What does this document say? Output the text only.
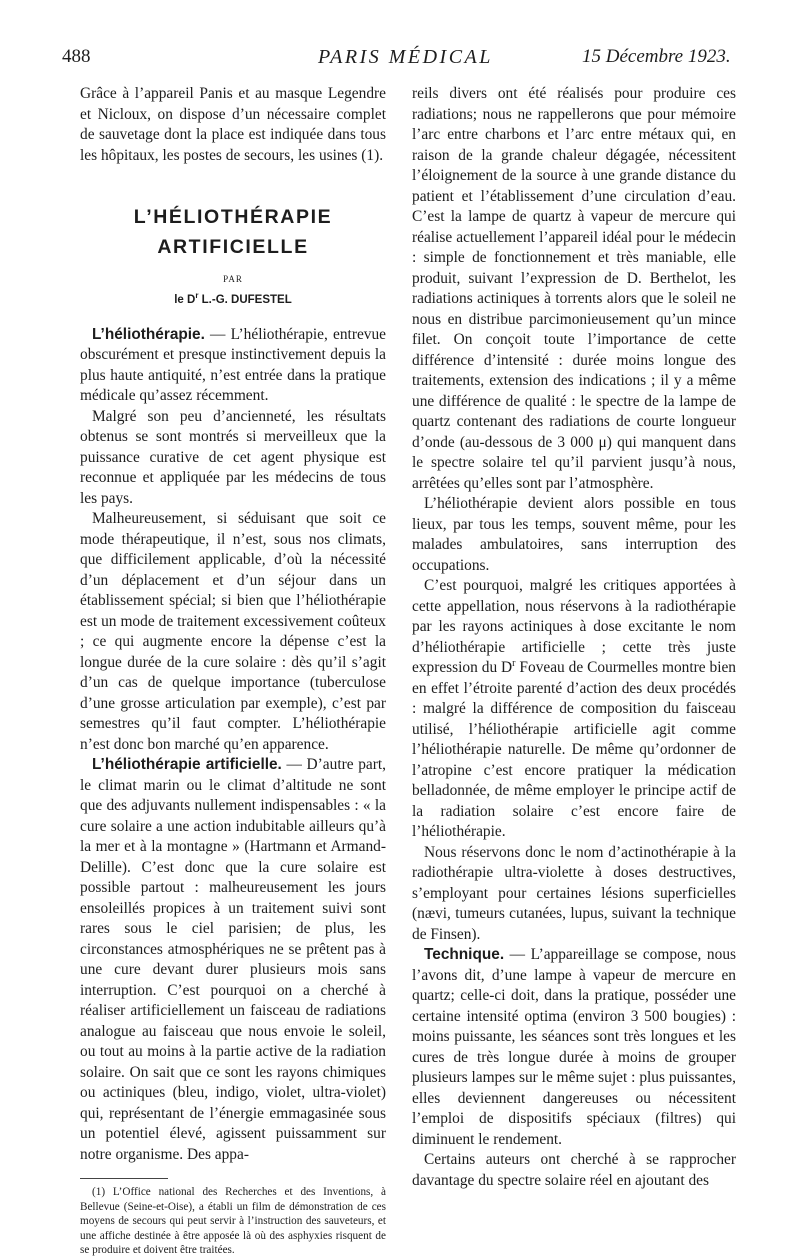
488	PARIS MÉDICAL	15 Décembre 1923.

Grâce à l’appareil Panis et au masque Legendre et Nicloux, on dispose d’un nécessaire complet de sauvetage dont la place est indiquée dans tous les hôpitaux, les postes de secours, les usines (1).

L’HÉLIOTHÉRAPIE
ARTIFICIELLE
PAR
le $D^r$ L.-G. DUFESTEL

L’héliothérapie. — L’héliothérapie, entrevue obscurément et presque instinctivement depuis la plus haute antiquité, n’est entrée dans la pratique médicale qu’assez récemment.

Malgré son peu d’ancienneté, les résultats obtenus se sont montrés si merveilleux que la puissance curative de cet agent physique est reconnue et appliquée par les médecins de tous les pays.

Malheureusement, si séduisant que soit ce mode thérapeutique, il n’est, sous nos climats, que difficilement applicable, d’où la nécessité d’un déplacement et d’un séjour dans un établissement spécial; si bien que l’héliothérapie est un mode de traitement excessivement coûteux ; ce qui augmente encore la dépense c’est la longue durée de la cure solaire : dès qu’il s’agit d’un cas de quelque importance (tuberculose d’une grosse articulation par exemple), c’est par semestres qu’il faut compter. L’héliothérapie n’est donc bon marché qu’en apparence.

L’héliothérapie artificielle. — D’autre part, le climat marin ou le climat d’altitude ne sont que des adjuvants nullement indispensables : « la cure solaire a une action indubitable ailleurs qu’à la mer et à la montagne » (Hartmann et Armand-Delille). C’est donc que la cure solaire est possible partout : malheureusement les jours ensoleillés propices à un traitement suivi sont rares sous le ciel parisien; de plus, les circonstances atmosphériques ne se prêtent pas à une cure devant durer plusieurs mois sans interruption. C’est pourquoi on a cherché à réaliser artificiellement un faisceau de radiations analogue au faisceau que nous envoie le soleil, ou tout au moins à la partie active de la radiation solaire. On sait que ce sont les rayons chimiques ou actiniques (bleu, indigo, violet, ultra-violet) qui, représentant de l’énergie emmagasinée sous un potentiel élevé, agissent puissamment sur notre organisme. Des appa-

(1) L’Office national des Recherches et des Inventions, à Bellevue (Seine-et-Oise), a établi un film de démonstration de ces moyens de secours qui peut servir à l’instruction des sauveteurs, et une affiche destinée à être apposée là où des asphyxies risquent de se produire et doivent être traitées.

reils divers ont été réalisés pour produire ces radiations; nous ne rappellerons que pour mémoire l’arc entre charbons et l’arc entre métaux qui, en raison de la grande chaleur dégagée, nécessitent l’éloignement de la source à une grande distance du patient et l’établissement d’une circulation d’eau. C’est la lampe de quartz à vapeur de mercure qui réalise actuellement l’appareil idéal pour le médecin : simple de fonctionnement et très maniable, elle produit, suivant l’expression de D. Berthelot, les radiations actiniques à torrents alors que le soleil ne nous en distribue parcimonieusement qu’un mince filet. On conçoit toute l’importance de cette différence d’intensité : durée moins longue des traitements, extension des indications ; il y a même une différence de qualité : le spectre de la lampe de quartz contenant des radiations de courte longueur d’onde (au-dessous de 3 000 μ) qui manquent dans le spectre solaire tel qu’il parvient jusqu’à nous, arrêtées qu’elles sont par l’atmosphère.

L’héliothérapie devient alors possible en tous lieux, par tous les temps, souvent même, pour les malades ambulatoires, sans interruption des occupations.

C’est pourquoi, malgré les critiques apportées à cette appellation, nous réservons à la radiothérapie par les rayons actiniques à dose excitante le nom d’héliothérapie artificielle ; cette très juste expression du $D^r$ Foveau de Courmelles montre bien en effet l’étroite parenté d’action des deux procédés : malgré la différence de composition du faisceau utilisé, l’héliothérapie artificielle agit comme l’héliothérapie naturelle. De même qu’ordonner de l’atropine c’est encore pratiquer la médication belladonnée, de même employer le principe actif de la radiation solaire c’est encore faire de l’héliothérapie.

Nous réservons donc le nom d’actinothérapie à la radiothérapie ultra-violette à doses destructives, s’employant pour certaines lésions superficielles (nævi, tumeurs cutanées, lupus, suivant la technique de Finsen).

Technique. — L’appareillage se compose, nous l’avons dit, d’une lampe à vapeur de mercure en quartz; celle-ci doit, dans la pratique, posséder une certaine intensité optima (environ 3 500 bougies) : moins puissante, les séances sont très longues et les cures de très longue durée à moins de grouper plusieurs lampes sur le même sujet : plus puissantes, elles deviennent dangereuses ou nécessitent l’emploi de dispositifs spéciaux (filtres) qui diminuent le rendement.

Certains auteurs ont cherché à se rapprocher davantage du spectre solaire réel en ajoutant des
